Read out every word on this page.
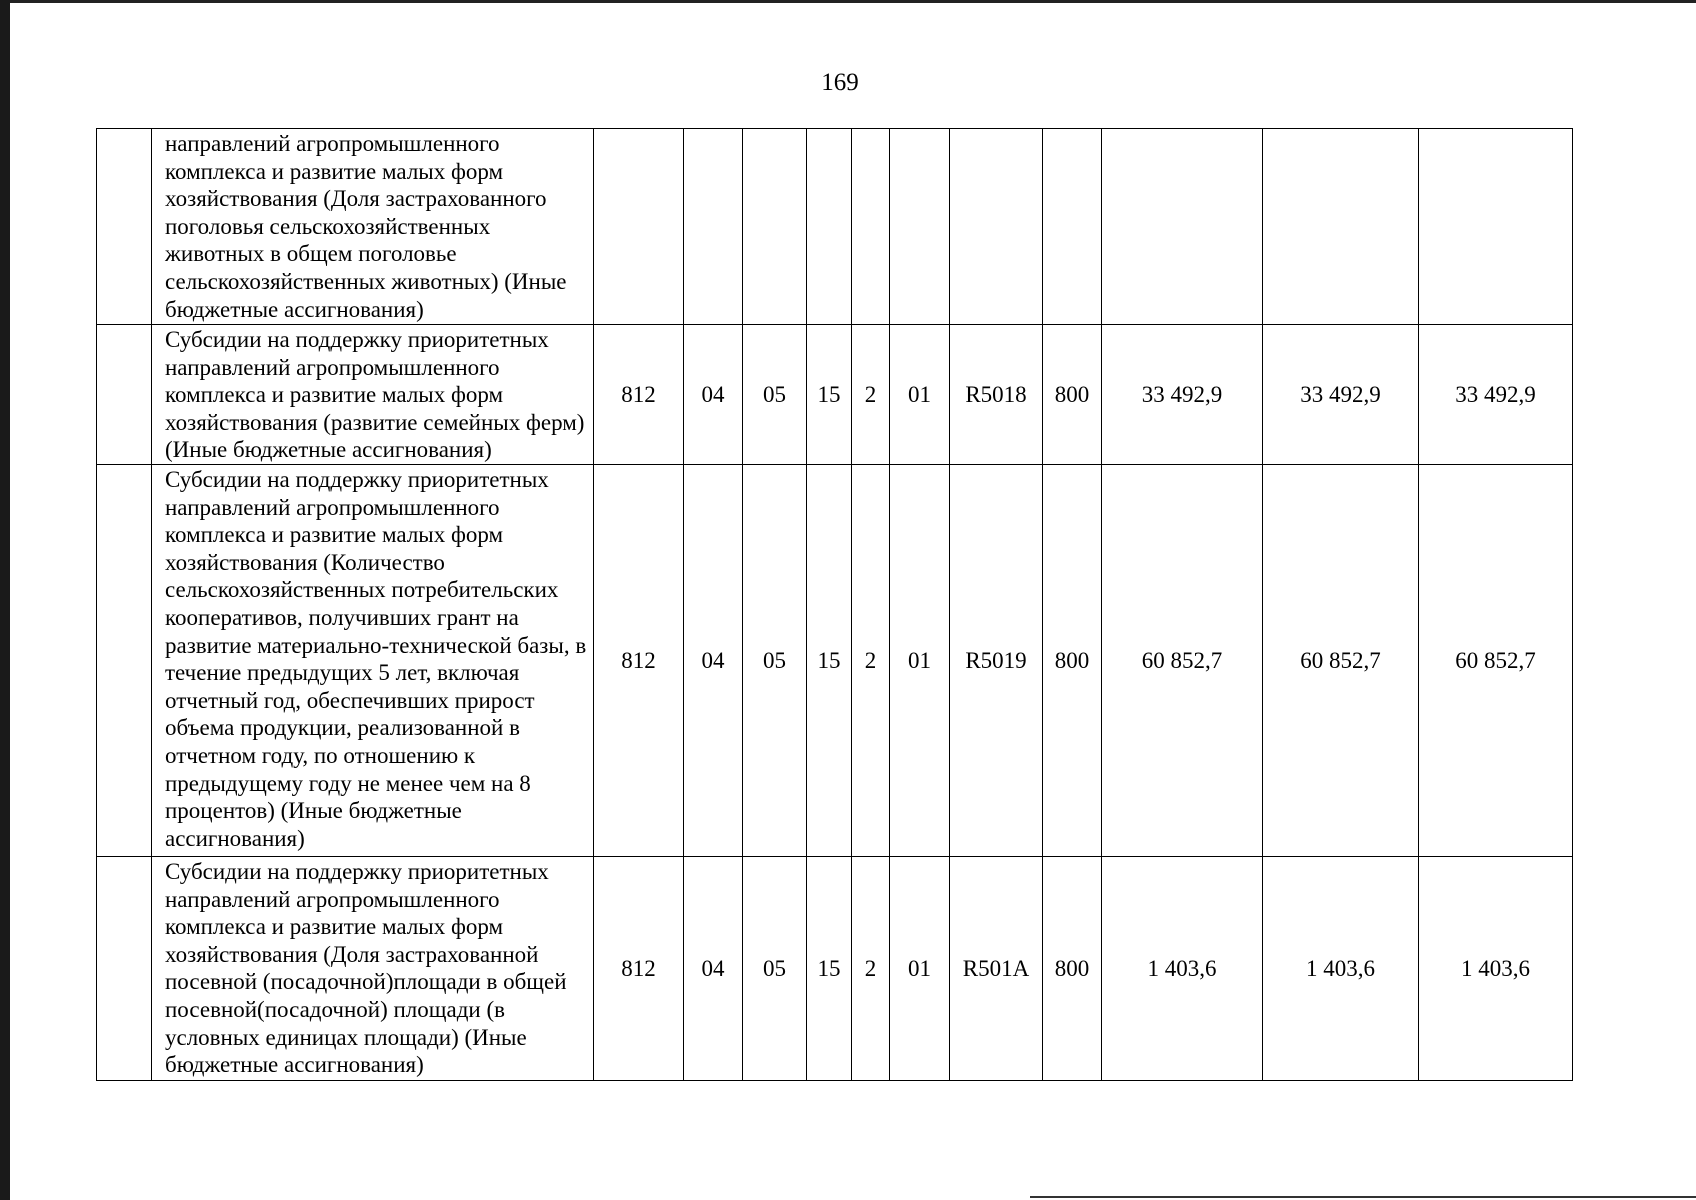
169
	направлений агропромышленного комплекса и развитие малых форм хозяйствования (Доля застрахованного поголовья сельскохозяйственных животных в общем поголовье сельскохозяйственных животных) (Иные бюджетные ассигнования)											
	Субсидии на поддержку приоритетных направлений агропромышленного комплекса и развитие малых форм хозяйствования (развитие семейных ферм) (Иные бюджетные ассигнования)	812	04	05	15	2	01	R5018	800	33 492,9	33 492,9	33 492,9
	Субсидии на поддержку приоритетных направлений агропромышленного комплекса и развитие малых форм хозяйствования (Количество сельскохозяйственных потребительских кооперативов, получивших грант на развитие материально-технической базы, в течение предыдущих 5 лет, включая отчетный год, обеспечивших прирост объема продукции, реализованной в отчетном году, по отношению к предыдущему году не менее чем на 8 процентов) (Иные бюджетные ассигнования)	812	04	05	15	2	01	R5019	800	60 852,7	60 852,7	60 852,7
	Субсидии на поддержку приоритетных направлений агропромышленного комплекса и развитие малых форм хозяйствования (Доля застрахованной посевной (посадочной)площади в общей посевной(посадочной) площади (в условных единицах площади) (Иные бюджетные ассигнования)	812	04	05	15	2	01	R501A	800	1 403,6	1 403,6	1 403,6
